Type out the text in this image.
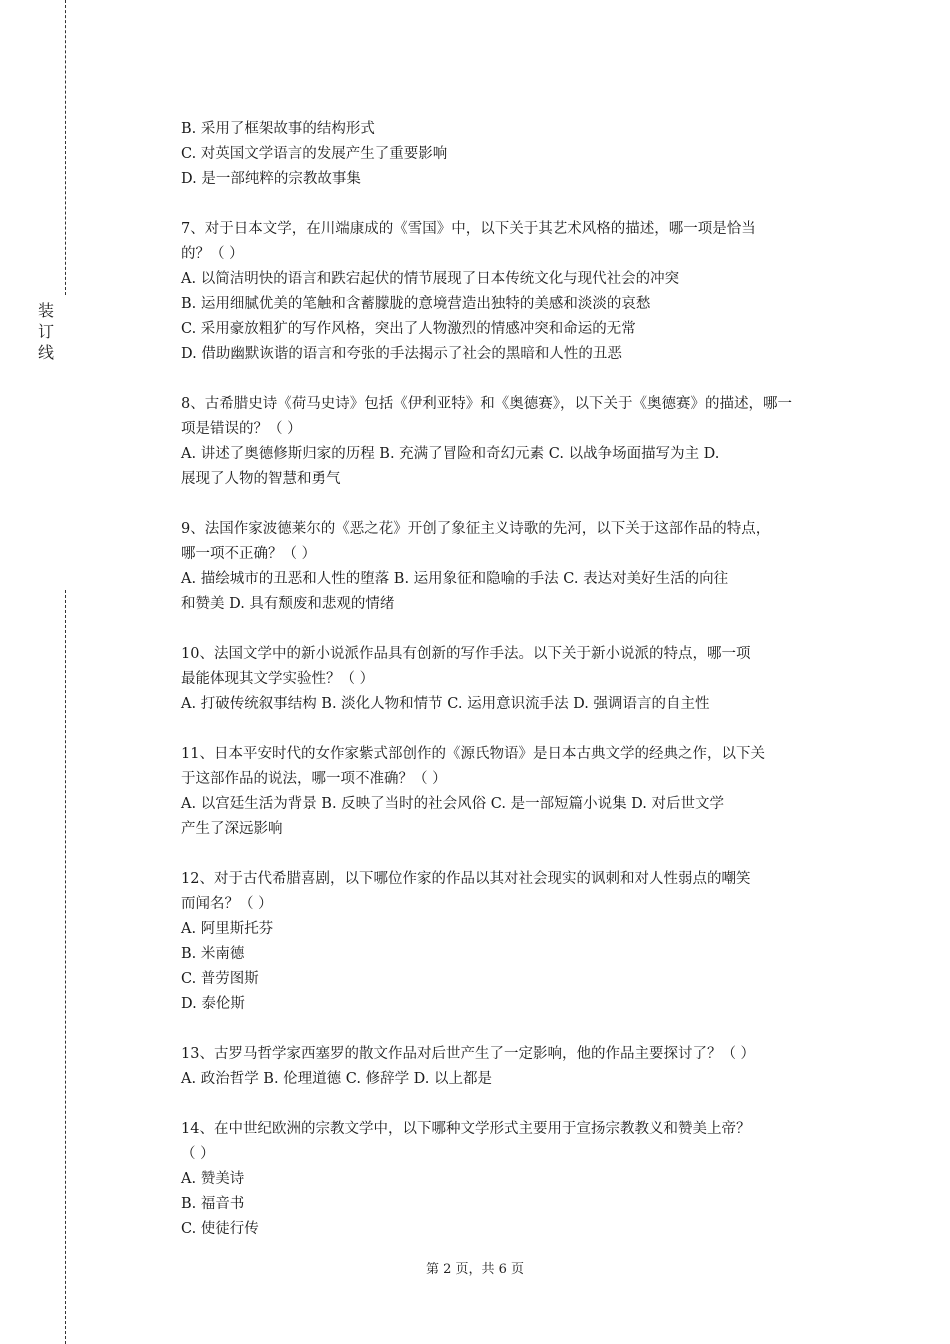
装
订
线
B. 采用了框架故事的结构形式
C. 对英国文学语言的发展产生了重要影响
D. 是一部纯粹的宗教故事集
7、对于日本文学，在川端康成的《雪国》中，以下关于其艺术风格的描述，哪一项是恰当
的？（ ）
A. 以简洁明快的语言和跌宕起伏的情节展现了日本传统文化与现代社会的冲突
B. 运用细腻优美的笔触和含蓄朦胧的意境营造出独特的美感和淡淡的哀愁
C. 采用豪放粗犷的写作风格，突出了人物激烈的情感冲突和命运的无常
D. 借助幽默诙谐的语言和夸张的手法揭示了社会的黑暗和人性的丑恶
8、古希腊史诗《荷马史诗》包括《伊利亚特》和《奥德赛》，以下关于《奥德赛》的描述，哪一
项是错误的？（ ）
A. 讲述了奥德修斯归家的历程 B. 充满了冒险和奇幻元素 C. 以战争场面描写为主 D.
展现了人物的智慧和勇气
9、法国作家波德莱尔的《恶之花》开创了象征主义诗歌的先河，以下关于这部作品的特点，
哪一项不正确？（ ）
A. 描绘城市的丑恶和人性的堕落 B. 运用象征和隐喻的手法 C. 表达对美好生活的向往
和赞美 D. 具有颓废和悲观的情绪
10、法国文学中的新小说派作品具有创新的写作手法。以下关于新小说派的特点，哪一项
最能体现其文学实验性？（ ）
A. 打破传统叙事结构 B. 淡化人物和情节 C. 运用意识流手法 D. 强调语言的自主性
11、日本平安时代的女作家紫式部创作的《源氏物语》是日本古典文学的经典之作，以下关
于这部作品的说法，哪一项不准确？（ ）
A. 以宫廷生活为背景 B. 反映了当时的社会风俗 C. 是一部短篇小说集 D. 对后世文学
产生了深远影响
12、对于古代希腊喜剧，以下哪位作家的作品以其对社会现实的讽刺和对人性弱点的嘲笑
而闻名？（ ）
A. 阿里斯托芬
B. 米南德
C. 普劳图斯
D. 泰伦斯
13、古罗马哲学家西塞罗的散文作品对后世产生了一定影响，他的作品主要探讨了？（ ）
A. 政治哲学 B. 伦理道德 C. 修辞学 D. 以上都是
14、在中世纪欧洲的宗教文学中，以下哪种文学形式主要用于宣扬宗教教义和赞美上帝？
（ ）
A. 赞美诗
B. 福音书
C. 使徒行传
第 2 页，共 6 页
